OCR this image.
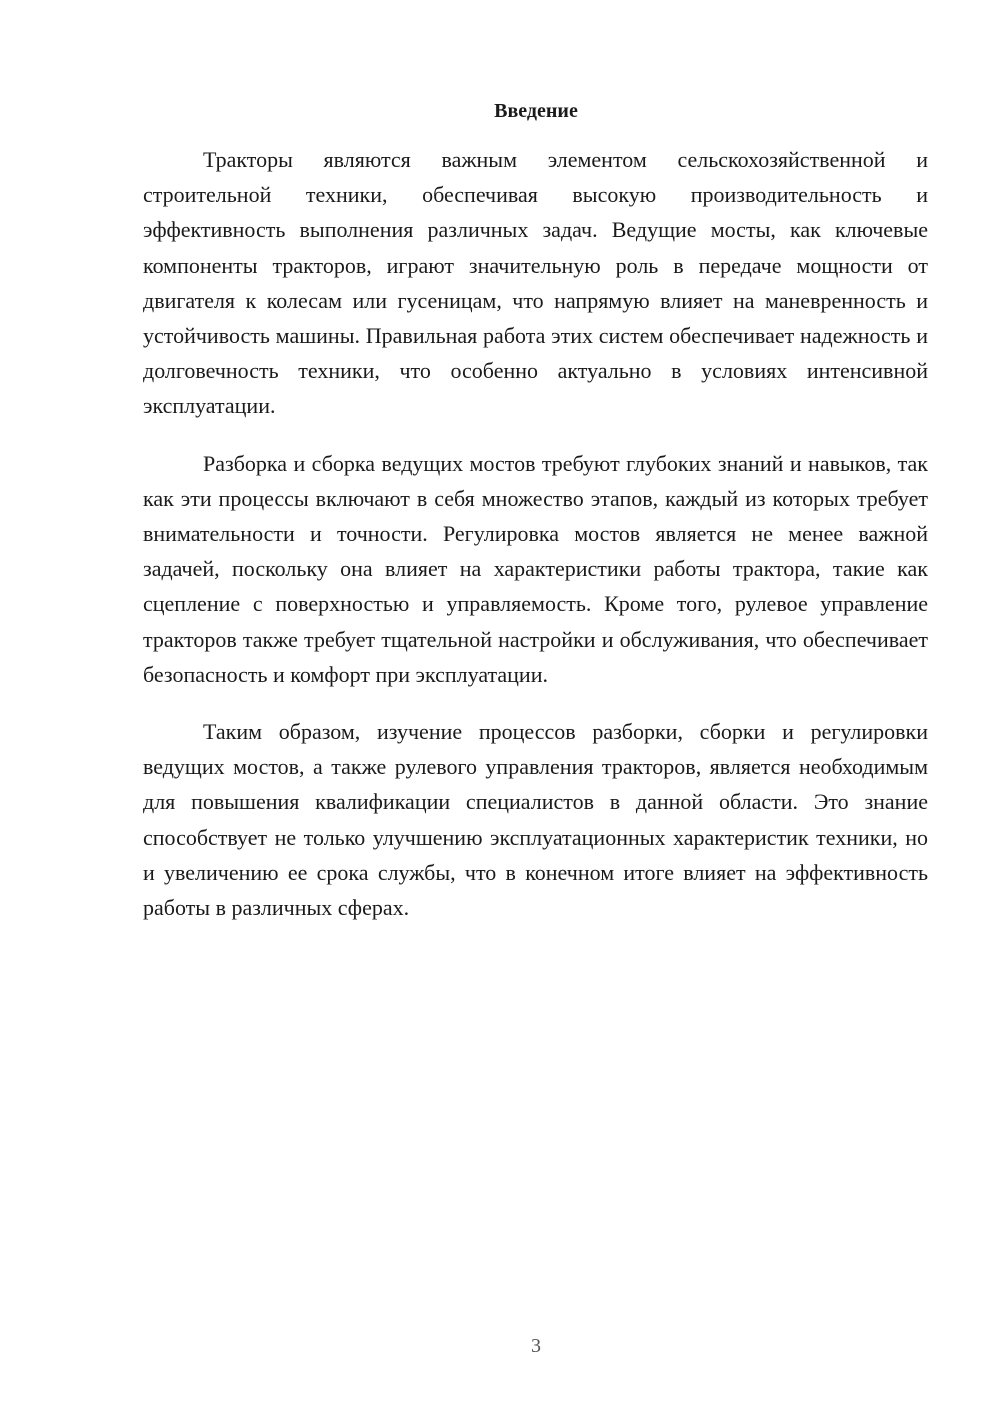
Введение

Тракторы являются важным элементом сельскохозяйственной и строительной техники, обеспечивая высокую производительность и эффективность выполнения различных задач. Ведущие мосты, как ключевые компоненты тракторов, играют значительную роль в передаче мощности от двигателя к колесам или гусеницам, что напрямую влияет на маневренность и устойчивость машины. Правильная работа этих систем обеспечивает надежность и долговечность техники, что особенно актуально в условиях интенсивной эксплуатации.

Разборка и сборка ведущих мостов требуют глубоких знаний и навыков, так как эти процессы включают в себя множество этапов, каждый из которых требует внимательности и точности. Регулировка мостов является не менее важной задачей, поскольку она влияет на характеристики работы трактора, такие как сцепление с поверхностью и управляемость. Кроме того, рулевое управление тракторов также требует тщательной настройки и обслуживания, что обеспечивает безопасность и комфорт при эксплуатации.

Таким образом, изучение процессов разборки, сборки и регулировки ведущих мостов, а также рулевого управления тракторов, является необходимым для повышения квалификации специалистов в данной области. Это знание способствует не только улучшению эксплуатационных характеристик техники, но и увеличению ее срока службы, что в конечном итоге влияет на эффективность работы в различных сферах.

3
